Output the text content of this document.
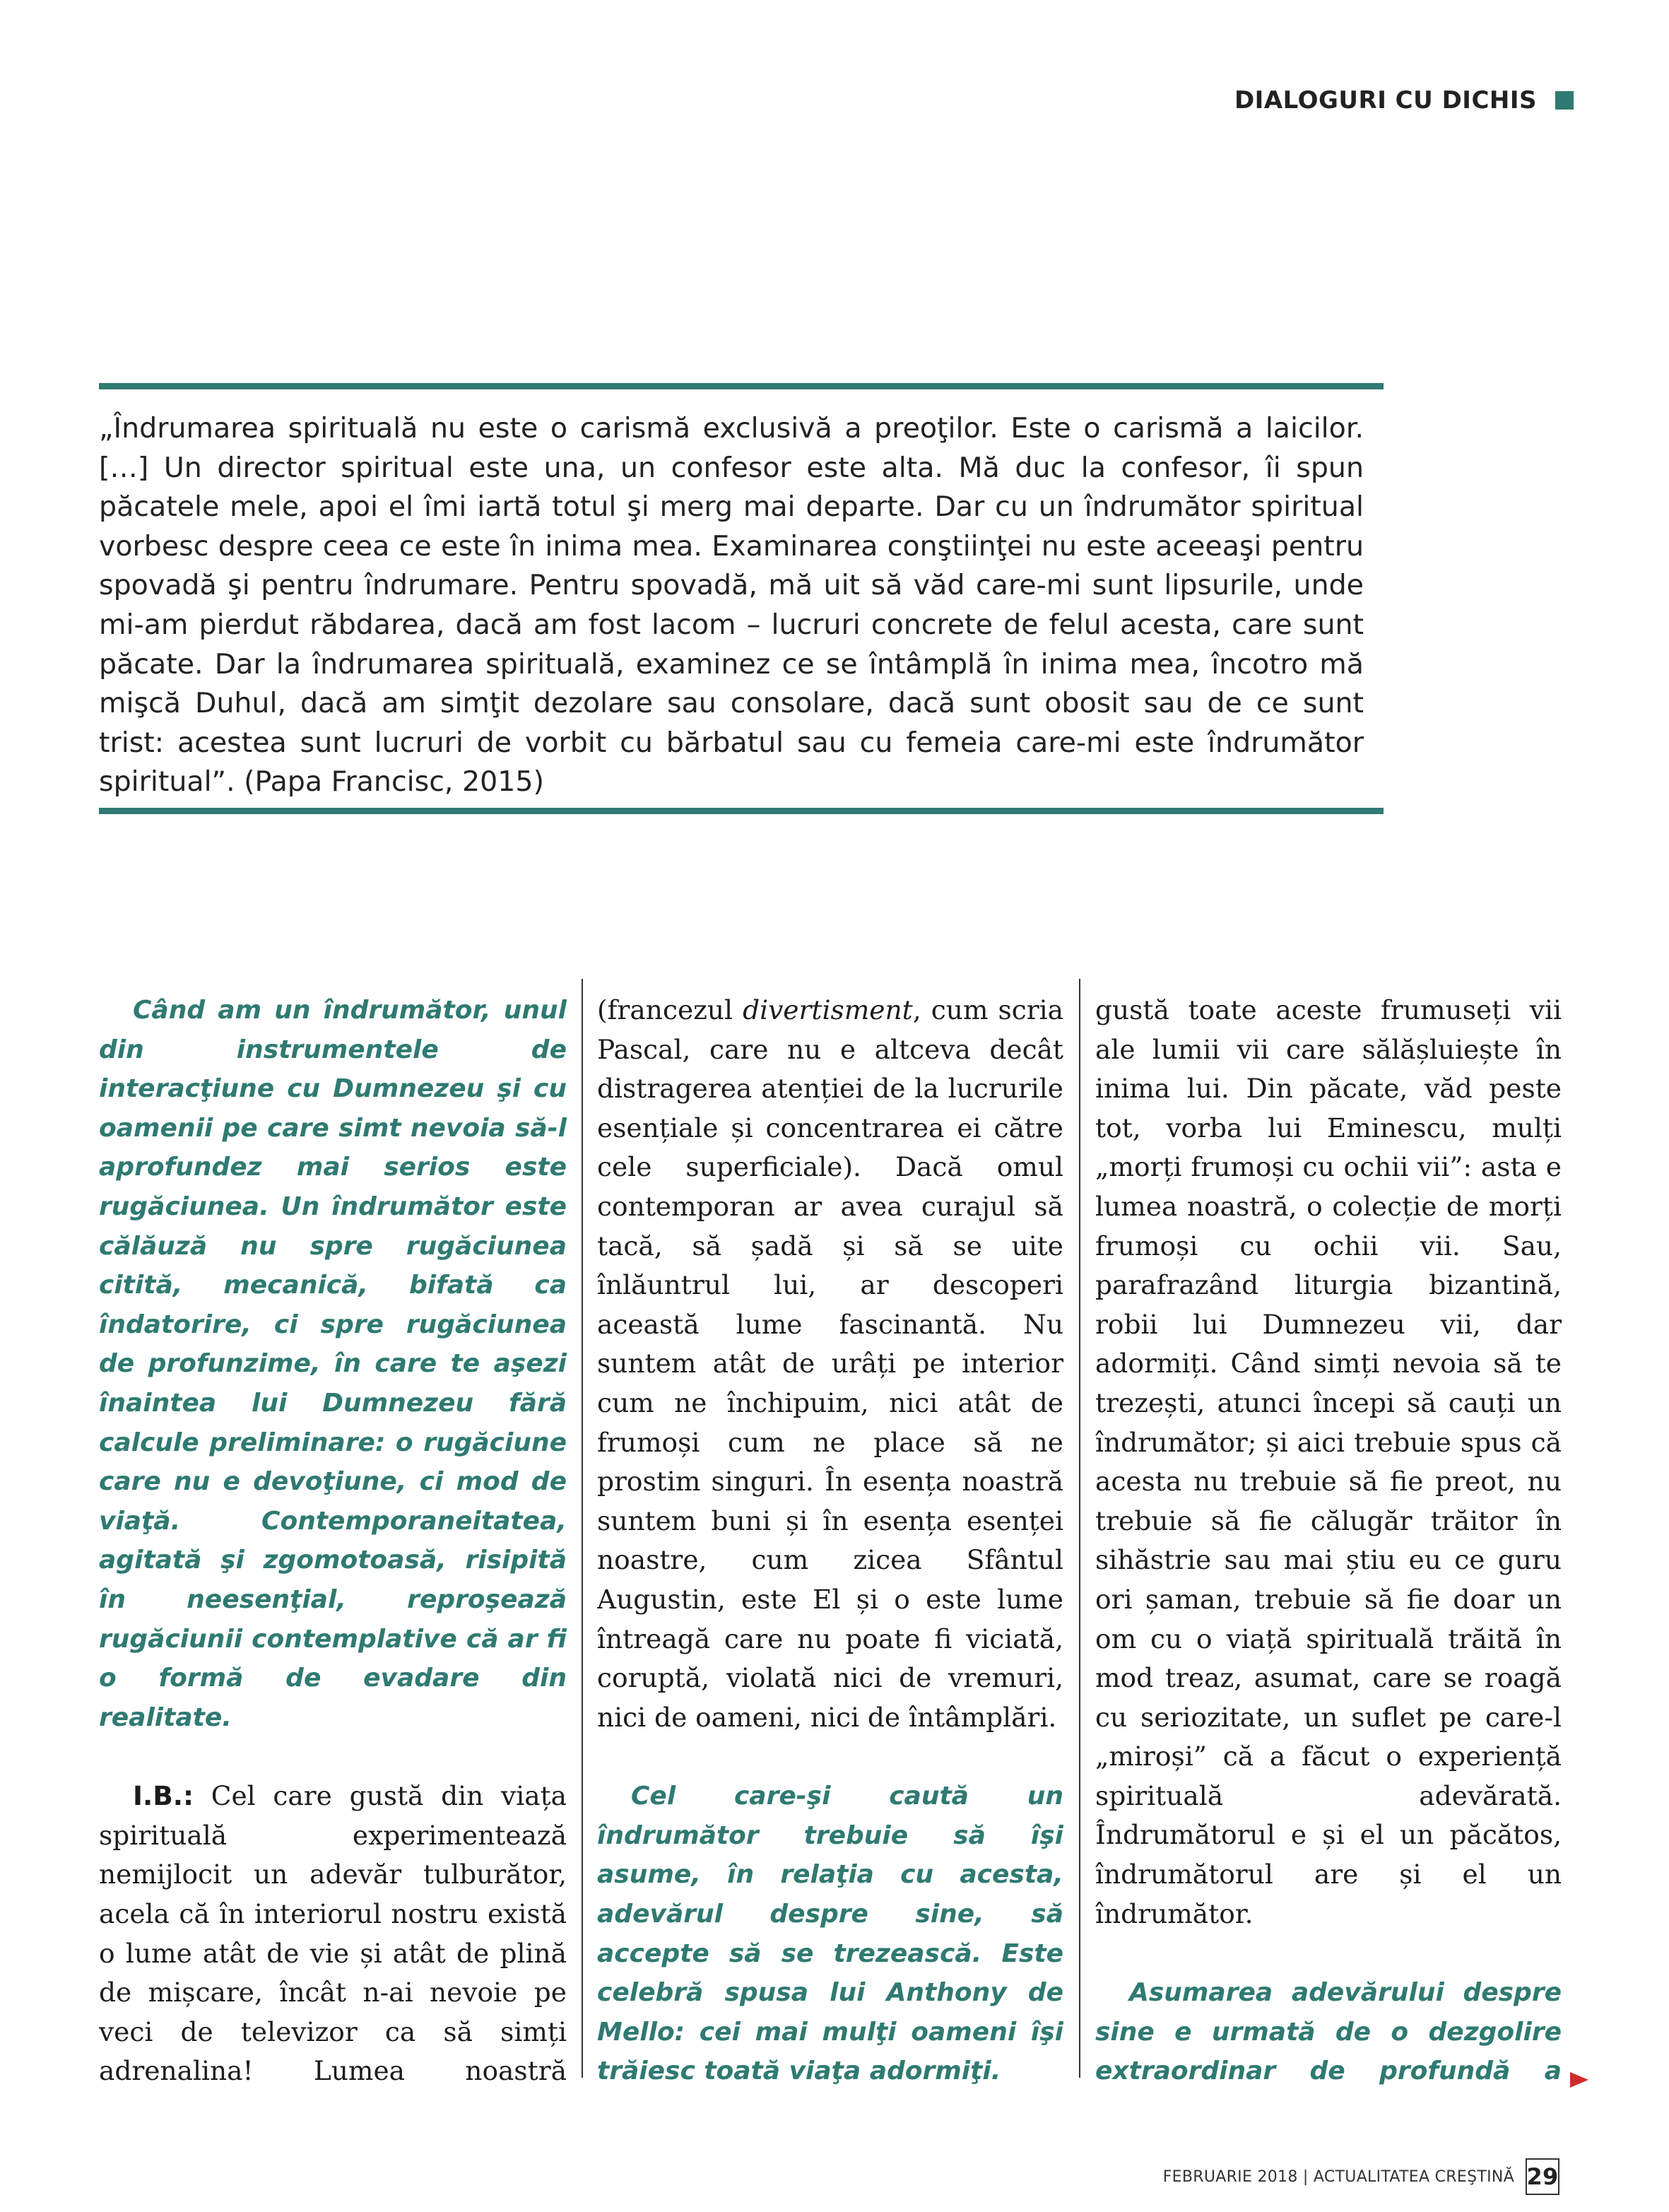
DIALOGURI CU DICHIS

„Îndrumarea spirituală nu este o carismă exclusivă a preoţilor. Este o carismă a laicilor. […] Un director spiritual este una, un confesor este alta. Mă duc la confesor, îi spun păcatele mele, apoi el îmi iartă totul şi merg mai departe. Dar cu un îndrumător spiritual vorbesc despre ceea ce este în inima mea. Examinarea conştiinţei nu este aceeaşi pentru spovadă şi pentru îndrumare. Pentru spovadă, mă uit să văd care-mi sunt lipsurile, unde mi-am pierdut răbdarea, dacă am fost lacom – lucruri concrete de felul acesta, care sunt păcate. Dar la îndrumarea spirituală, examinez ce se întâmplă în inima mea, încotro mă mişcă Duhul, dacă am simţit dezolare sau consolare, dacă sunt obosit sau de ce sunt trist: acestea sunt lucruri de vorbit cu bărbatul sau cu femeia care-mi este îndrumător spiritual”. (Papa Francisc, 2015)

Când am un îndrumător, unul din instrumentele de interacţiune cu Dumnezeu şi cu oamenii pe care simt nevoia să-l aprofundez mai serios este rugăciunea. Un îndrumător este călăuză nu spre rugăciunea citită, mecanică, bifată ca îndatorire, ci spre rugăciunea de profunzime, în care te aşezi înaintea lui Dumnezeu fără calcule preliminare: o rugăciune care nu e devoţiune, ci mod de viaţă. Contemporaneitatea, agitată şi zgomotoasă, risipită în neesenţial, reproşează rugăciunii contemplative că ar fi o formă de evadare din realitate.

I.B.: Cel care gustă din viața spirituală experimentează nemijlocit un adevăr tulburător, acela că în interiorul nostru există o lume atât de vie și atât de plină de mișcare, încât n-ai nevoie pe veci de televizor ca să simți adrenalina! Lumea noastră

(francezul divertisment, cum scria Pascal, care nu e altceva decât distragerea atenției de la lucrurile esențiale și concentrarea ei către cele superficiale). Dacă omul contemporan ar avea curajul să tacă, să șadă și să se uite înlăuntrul lui, ar descoperi această lume fascinantă. Nu suntem atât de urâți pe interior cum ne închipuim, nici atât de frumoși cum ne place să ne prostim singuri. În esența noastră suntem buni și în esența esenței noastre, cum zicea Sfântul Augustin, este El și o este lume întreagă care nu poate fi viciată, coruptă, violată nici de vremuri, nici de oameni, nici de întâmplări.

Cel care-şi caută un îndrumător trebuie să îşi asume, în relaţia cu acesta, adevărul despre sine, să accepte să se trezească. Este celebră spusa lui Anthony de Mello: cei mai mulţi oameni îşi trăiesc toată viaţa adormiţi.

gustă toate aceste frumuseți vii ale lumii vii care sălășluiește în inima lui. Din păcate, văd peste tot, vorba lui Eminescu, mulți „morți frumoși cu ochii vii”: asta e lumea noastră, o colecție de morți frumoși cu ochii vii. Sau, parafrazând liturgia bizantină, robii lui Dumnezeu vii, dar adormiți. Când simți nevoia să te trezești, atunci începi să cauți un îndrumător; și aici trebuie spus că acesta nu trebuie să fie preot, nu trebuie să fie călugăr trăitor în sihăstrie sau mai știu eu ce guru ori șaman, trebuie să fie doar un om cu o viață spirituală trăită în mod treaz, asumat, care se roagă cu seriozitate, un suflet pe care-l „miroși” că a făcut o experiență spirituală adevărată. Îndrumătorul e și el un păcătos, îndrumătorul are și el un îndrumător.

Asumarea adevărului despre sine e urmată de o dezgolire extraordinar de profundă a

FEBRUARIE 2018 | ACTUALITATEA CREŞTINĂ 29
